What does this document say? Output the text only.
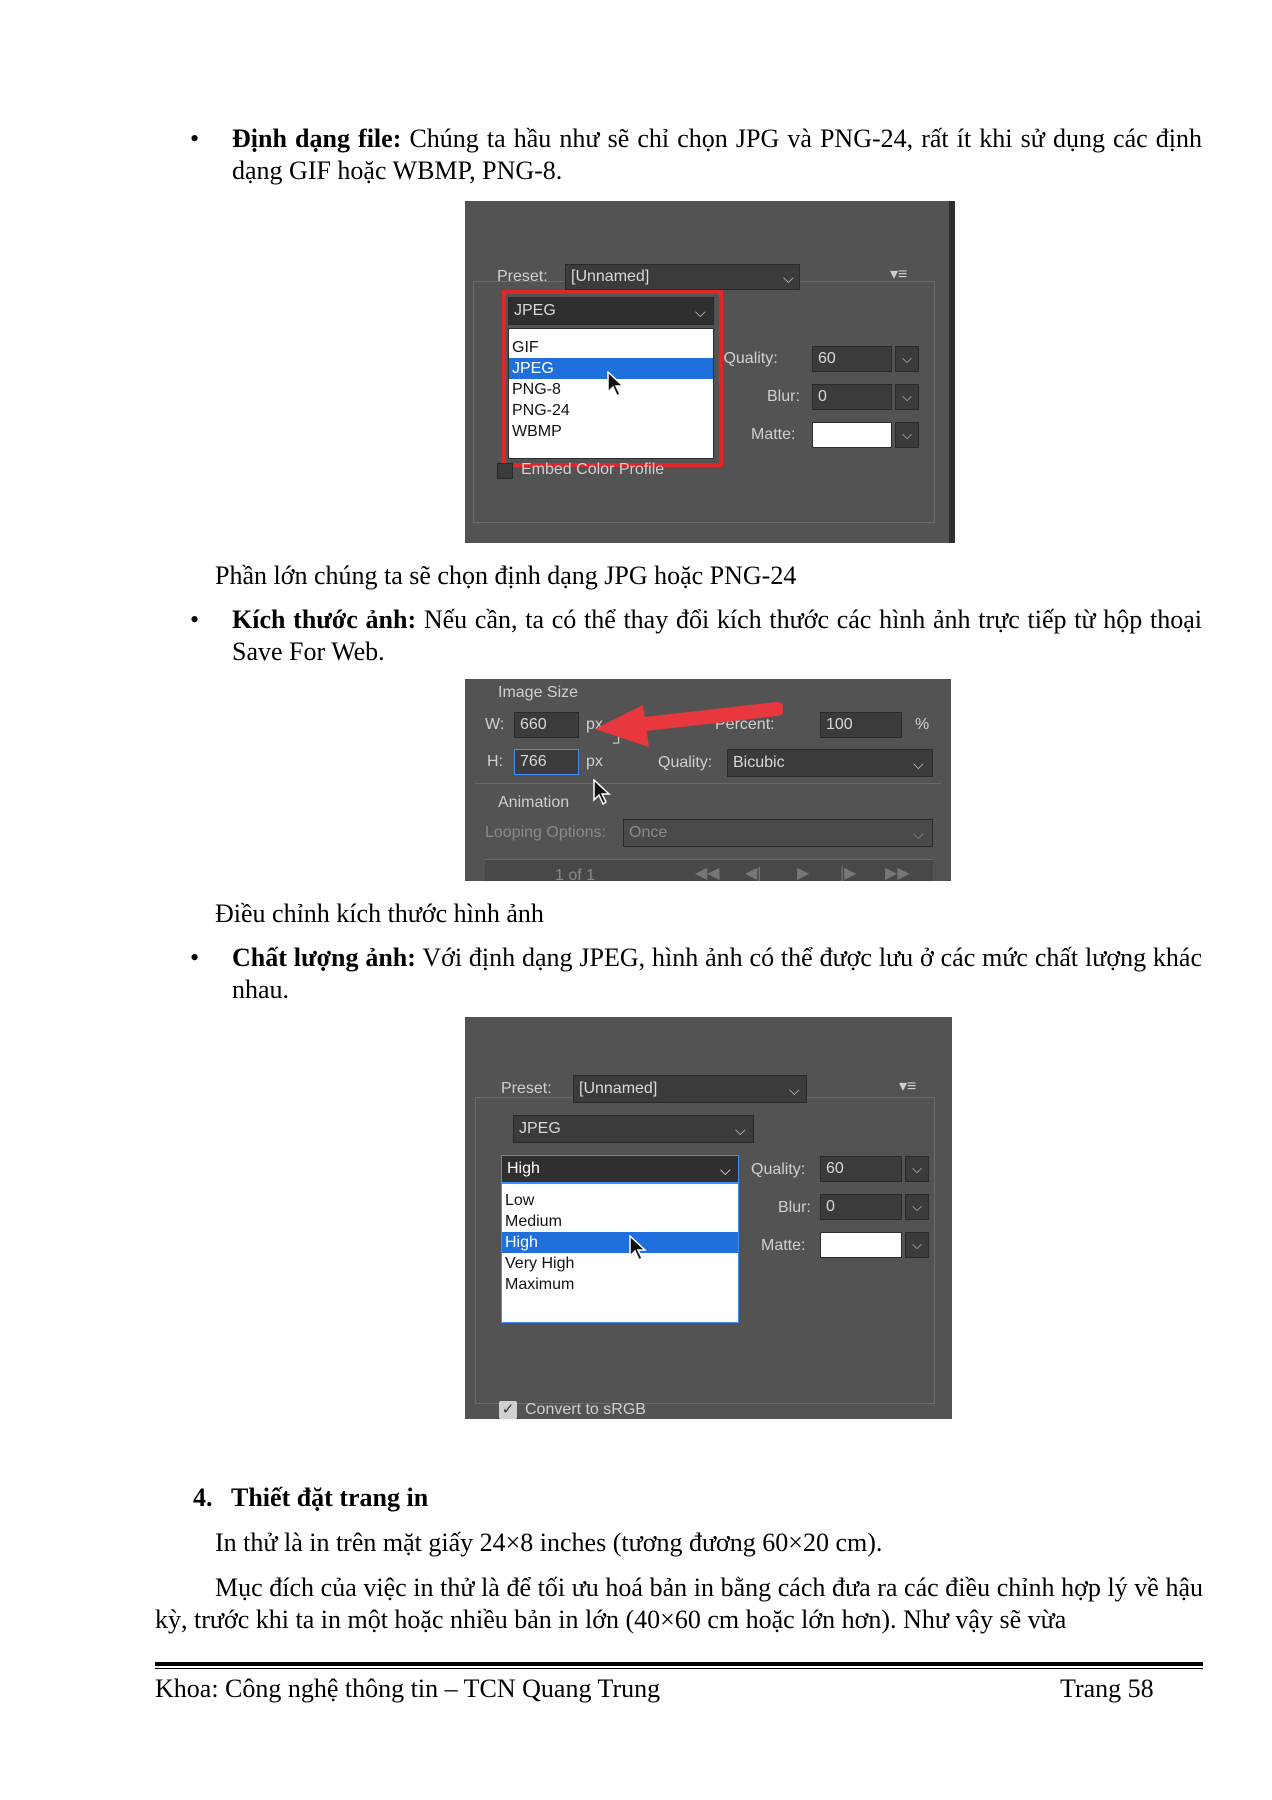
•	Định dạng file: Chúng ta hầu như sẽ chỉ chọn JPG và PNG-24, rất ít khi sử dụng các định dạng GIF hoặc WBMP, PNG-8.
Preset:	[Unnamed]	⌵	▾≡
JPEG	⌵
GIF
JPEG
PNG-8
PNG-24
WBMP
Quality:	60	⌵
Blur:	0	⌵
Matte:	⌵
Embed Color Profile
Phần lớn chúng ta sẽ chọn định dạng JPG hoặc PNG-24
•	Kích thước ảnh: Nếu cần, ta có thể thay đổi kích thước các hình ảnh trực tiếp từ hộp thoại Save For Web.
Image Size
W: 660	px
H:	766	px
┘
Percent:	100	%
Quality:	Bicubic	⌵
Animation
Looping Options:	Once	⌵
1 of 1	◀◀ ◀| ▶ |▶ ▶▶
Điều chỉnh kích thước hình ảnh
•	Chất lượng ảnh: Với định dạng JPEG, hình ảnh có thể được lưu ở các mức chất lượng khác nhau.
Preset:	[Unnamed]	⌵	▾≡
JPEG	⌵
High	⌵
Low
Medium
High
Very High
Maximum
Quality:	60	⌵
Blur: 0	⌵
Matte:	⌵
✓ Convert to sRGB
4. Thiết đặt trang in
In thử là in trên mặt giấy 24×8 inches (tương đương 60×20 cm).
Mục đích của việc in thử là để tối ưu hoá bản in bằng cách đưa ra các điều chỉnh hợp lý về hậu kỳ, trước khi ta in một hoặc nhiều bản in lớn (40×60 cm hoặc lớn hơn). Như vậy sẽ vừa
Khoa: Công nghệ thông tin – TCN Quang Trung	Trang 58
